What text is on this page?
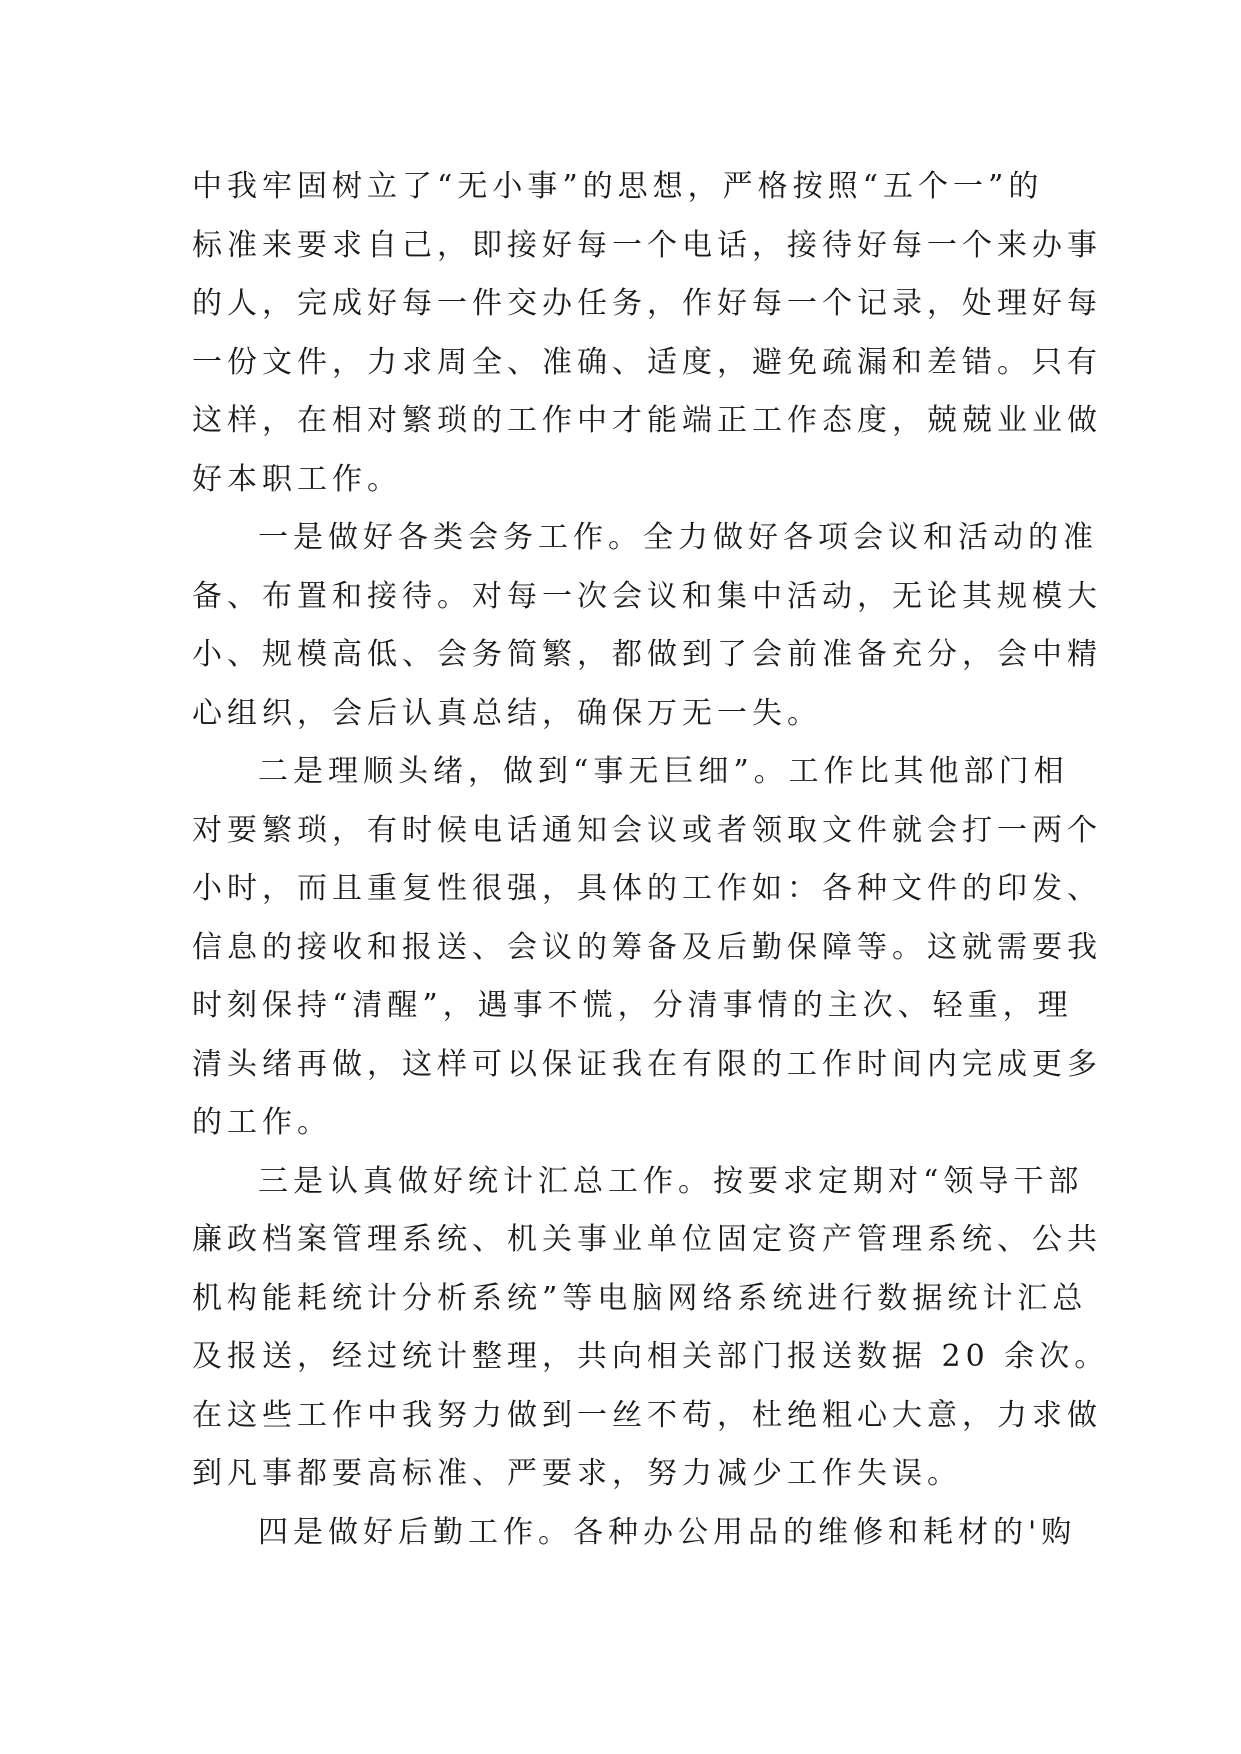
中我牢固树立了“无小事”的思想，严格按照“五个一”的
标准来要求自己，即接好每一个电话，接待好每一个来办事
的人，完成好每一件交办任务，作好每一个记录，处理好每
一份文件，力求周全、准确、适度，避免疏漏和差错。只有
这样，在相对繁琐的工作中才能端正工作态度，兢兢业业做
好本职工作。
一是做好各类会务工作。全力做好各项会议和活动的准
备、布置和接待。对每一次会议和集中活动，无论其规模大
小、规模高低、会务简繁，都做到了会前准备充分，会中精
心组织，会后认真总结，确保万无一失。
二是理顺头绪，做到“事无巨细”。工作比其他部门相
对要繁琐，有时候电话通知会议或者领取文件就会打一两个
小时，而且重复性很强，具体的工作如：各种文件的印发、
信息的接收和报送、会议的筹备及后勤保障等。这就需要我
时刻保持“清醒”，遇事不慌，分清事情的主次、轻重，理
清头绪再做，这样可以保证我在有限的工作时间内完成更多
的工作。
三是认真做好统计汇总工作。按要求定期对“领导干部
廉政档案管理系统、机关事业单位固定资产管理系统、公共
机构能耗统计分析系统”等电脑网络系统进行数据统计汇总
及报送，经过统计整理，共向相关部门报送数据 20 余次。
在这些工作中我努力做到一丝不苟，杜绝粗心大意，力求做
到凡事都要高标准、严要求，努力减少工作失误。
四是做好后勤工作。各种办公用品的维修和耗材的'购
